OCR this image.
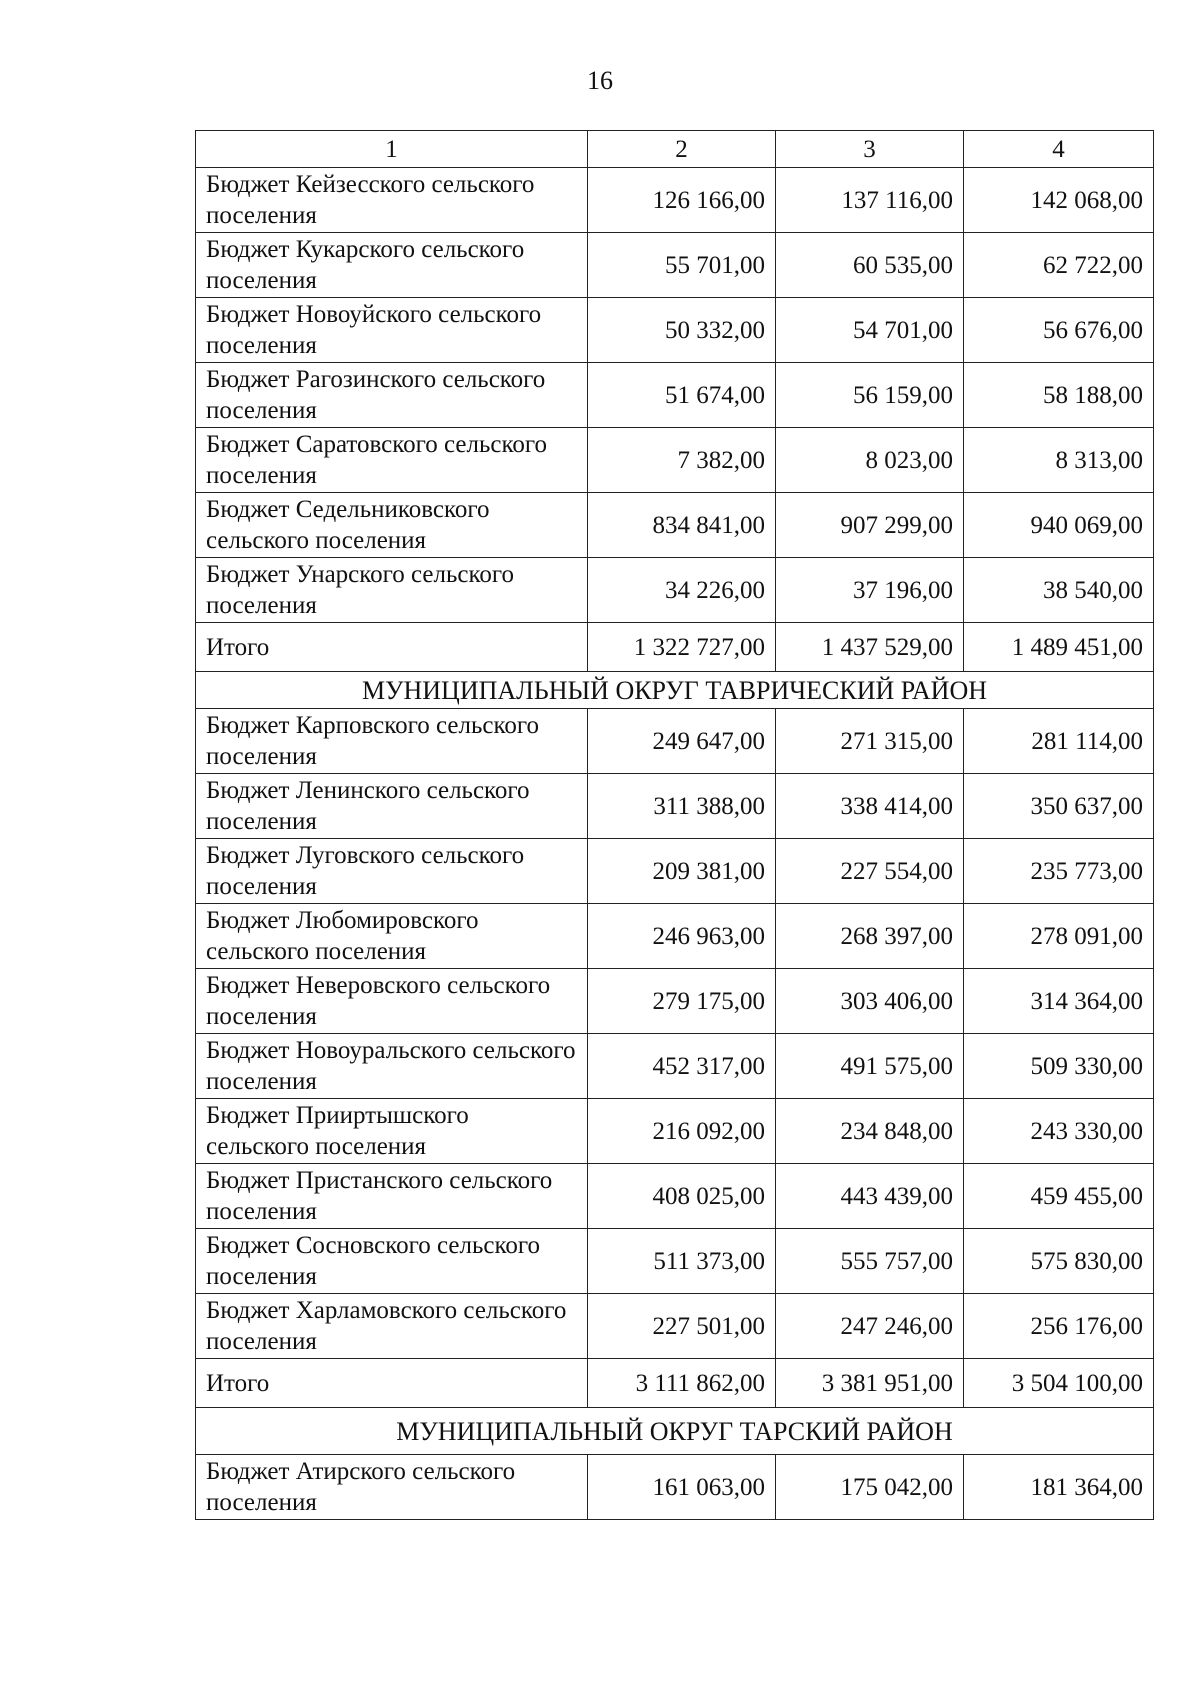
16
1	2	3	4
Бюджет Кейзесского сельского поселения	126 166,00	137 116,00	142 068,00
Бюджет Кукарского сельского поселения	55 701,00	60 535,00	62 722,00
Бюджет Новоуйского сельского поселения	50 332,00	54 701,00	56 676,00
Бюджет Рагозинского сельского поселения	51 674,00	56 159,00	58 188,00
Бюджет Саратовского сельского поселения	7 382,00	8 023,00	8 313,00
Бюджет Седельниковского сельского поселения	834 841,00	907 299,00	940 069,00
Бюджет Унарского сельского поселения	34 226,00	37 196,00	38 540,00
Итого	1 322 727,00	1 437 529,00	1 489 451,00
МУНИЦИПАЛЬНЫЙ ОКРУГ ТАВРИЧЕСКИЙ РАЙОН			
Бюджет Карповского сельского поселения	249 647,00	271 315,00	281 114,00
Бюджет Ленинского сельского поселения	311 388,00	338 414,00	350 637,00
Бюджет Луговского сельского поселения	209 381,00	227 554,00	235 773,00
Бюджет Любомировского сельского поселения	246 963,00	268 397,00	278 091,00
Бюджет Неверовского сельского поселения	279 175,00	303 406,00	314 364,00
Бюджет Новоуральского сельского поселения	452 317,00	491 575,00	509 330,00
Бюджет Прииртышского сельского поселения	216 092,00	234 848,00	243 330,00
Бюджет Пристанского сельского поселения	408 025,00	443 439,00	459 455,00
Бюджет Сосновского сельского поселения	511 373,00	555 757,00	575 830,00
Бюджет Харламовского сельского поселения	227 501,00	247 246,00	256 176,00
Итого	3 111 862,00	3 381 951,00	3 504 100,00
МУНИЦИПАЛЬНЫЙ ОКРУГ ТАРСКИЙ РАЙОН			
Бюджет Атирского сельского поселения	161 063,00	175 042,00	181 364,00
